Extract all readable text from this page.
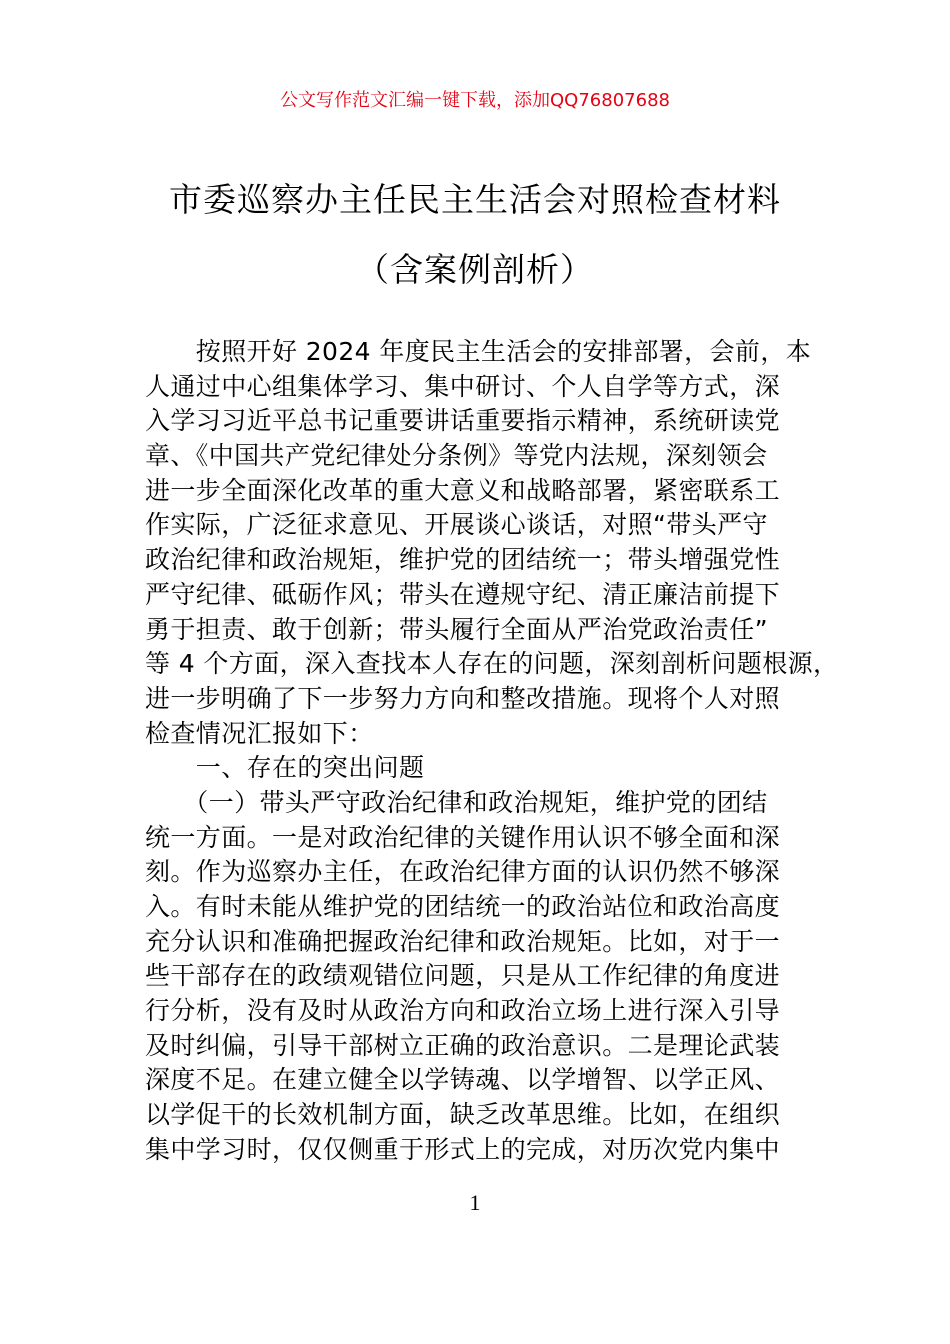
公文写作范文汇编一键下载，添加QQ76807688
市委巡察办主任民主生活会对照检查材料
（含案例剖析）
　　按照开好 2024 年度民主生活会的安排部署，会前，本
人通过中心组集体学习、集中研讨、个人自学等方式，深
入学习习近平总书记重要讲话重要指示精神，系统研读党
章、《中国共产党纪律处分条例》等党内法规，深刻领会
进一步全面深化改革的重大意义和战略部署，紧密联系工
作实际，广泛征求意见、开展谈心谈话，对照“带头严守
政治纪律和政治规矩，维护党的团结统一；带头增强党性
严守纪律、砥砺作风；带头在遵规守纪、清正廉洁前提下
勇于担责、敢于创新；带头履行全面从严治党政治责任”
等 4 个方面，深入查找本人存在的问题，深刻剖析问题根源，
进一步明确了下一步努力方向和整改措施。现将个人对照
检查情况汇报如下：
　　一、存在的突出问题
　　（一）带头严守政治纪律和政治规矩，维护党的团结
统一方面。一是对政治纪律的关键作用认识不够全面和深
刻。作为巡察办主任，在政治纪律方面的认识仍然不够深
入。有时未能从维护党的团结统一的政治站位和政治高度
充分认识和准确把握政治纪律和政治规矩。比如，对于一
些干部存在的政绩观错位问题，只是从工作纪律的角度进
行分析，没有及时从政治方向和政治立场上进行深入引导
及时纠偏，引导干部树立正确的政治意识。二是理论武装
深度不足。在建立健全以学铸魂、以学增智、以学正风、
以学促干的长效机制方面，缺乏改革思维。比如，在组织
集中学习时，仅仅侧重于形式上的完成，对历次党内集中
1
